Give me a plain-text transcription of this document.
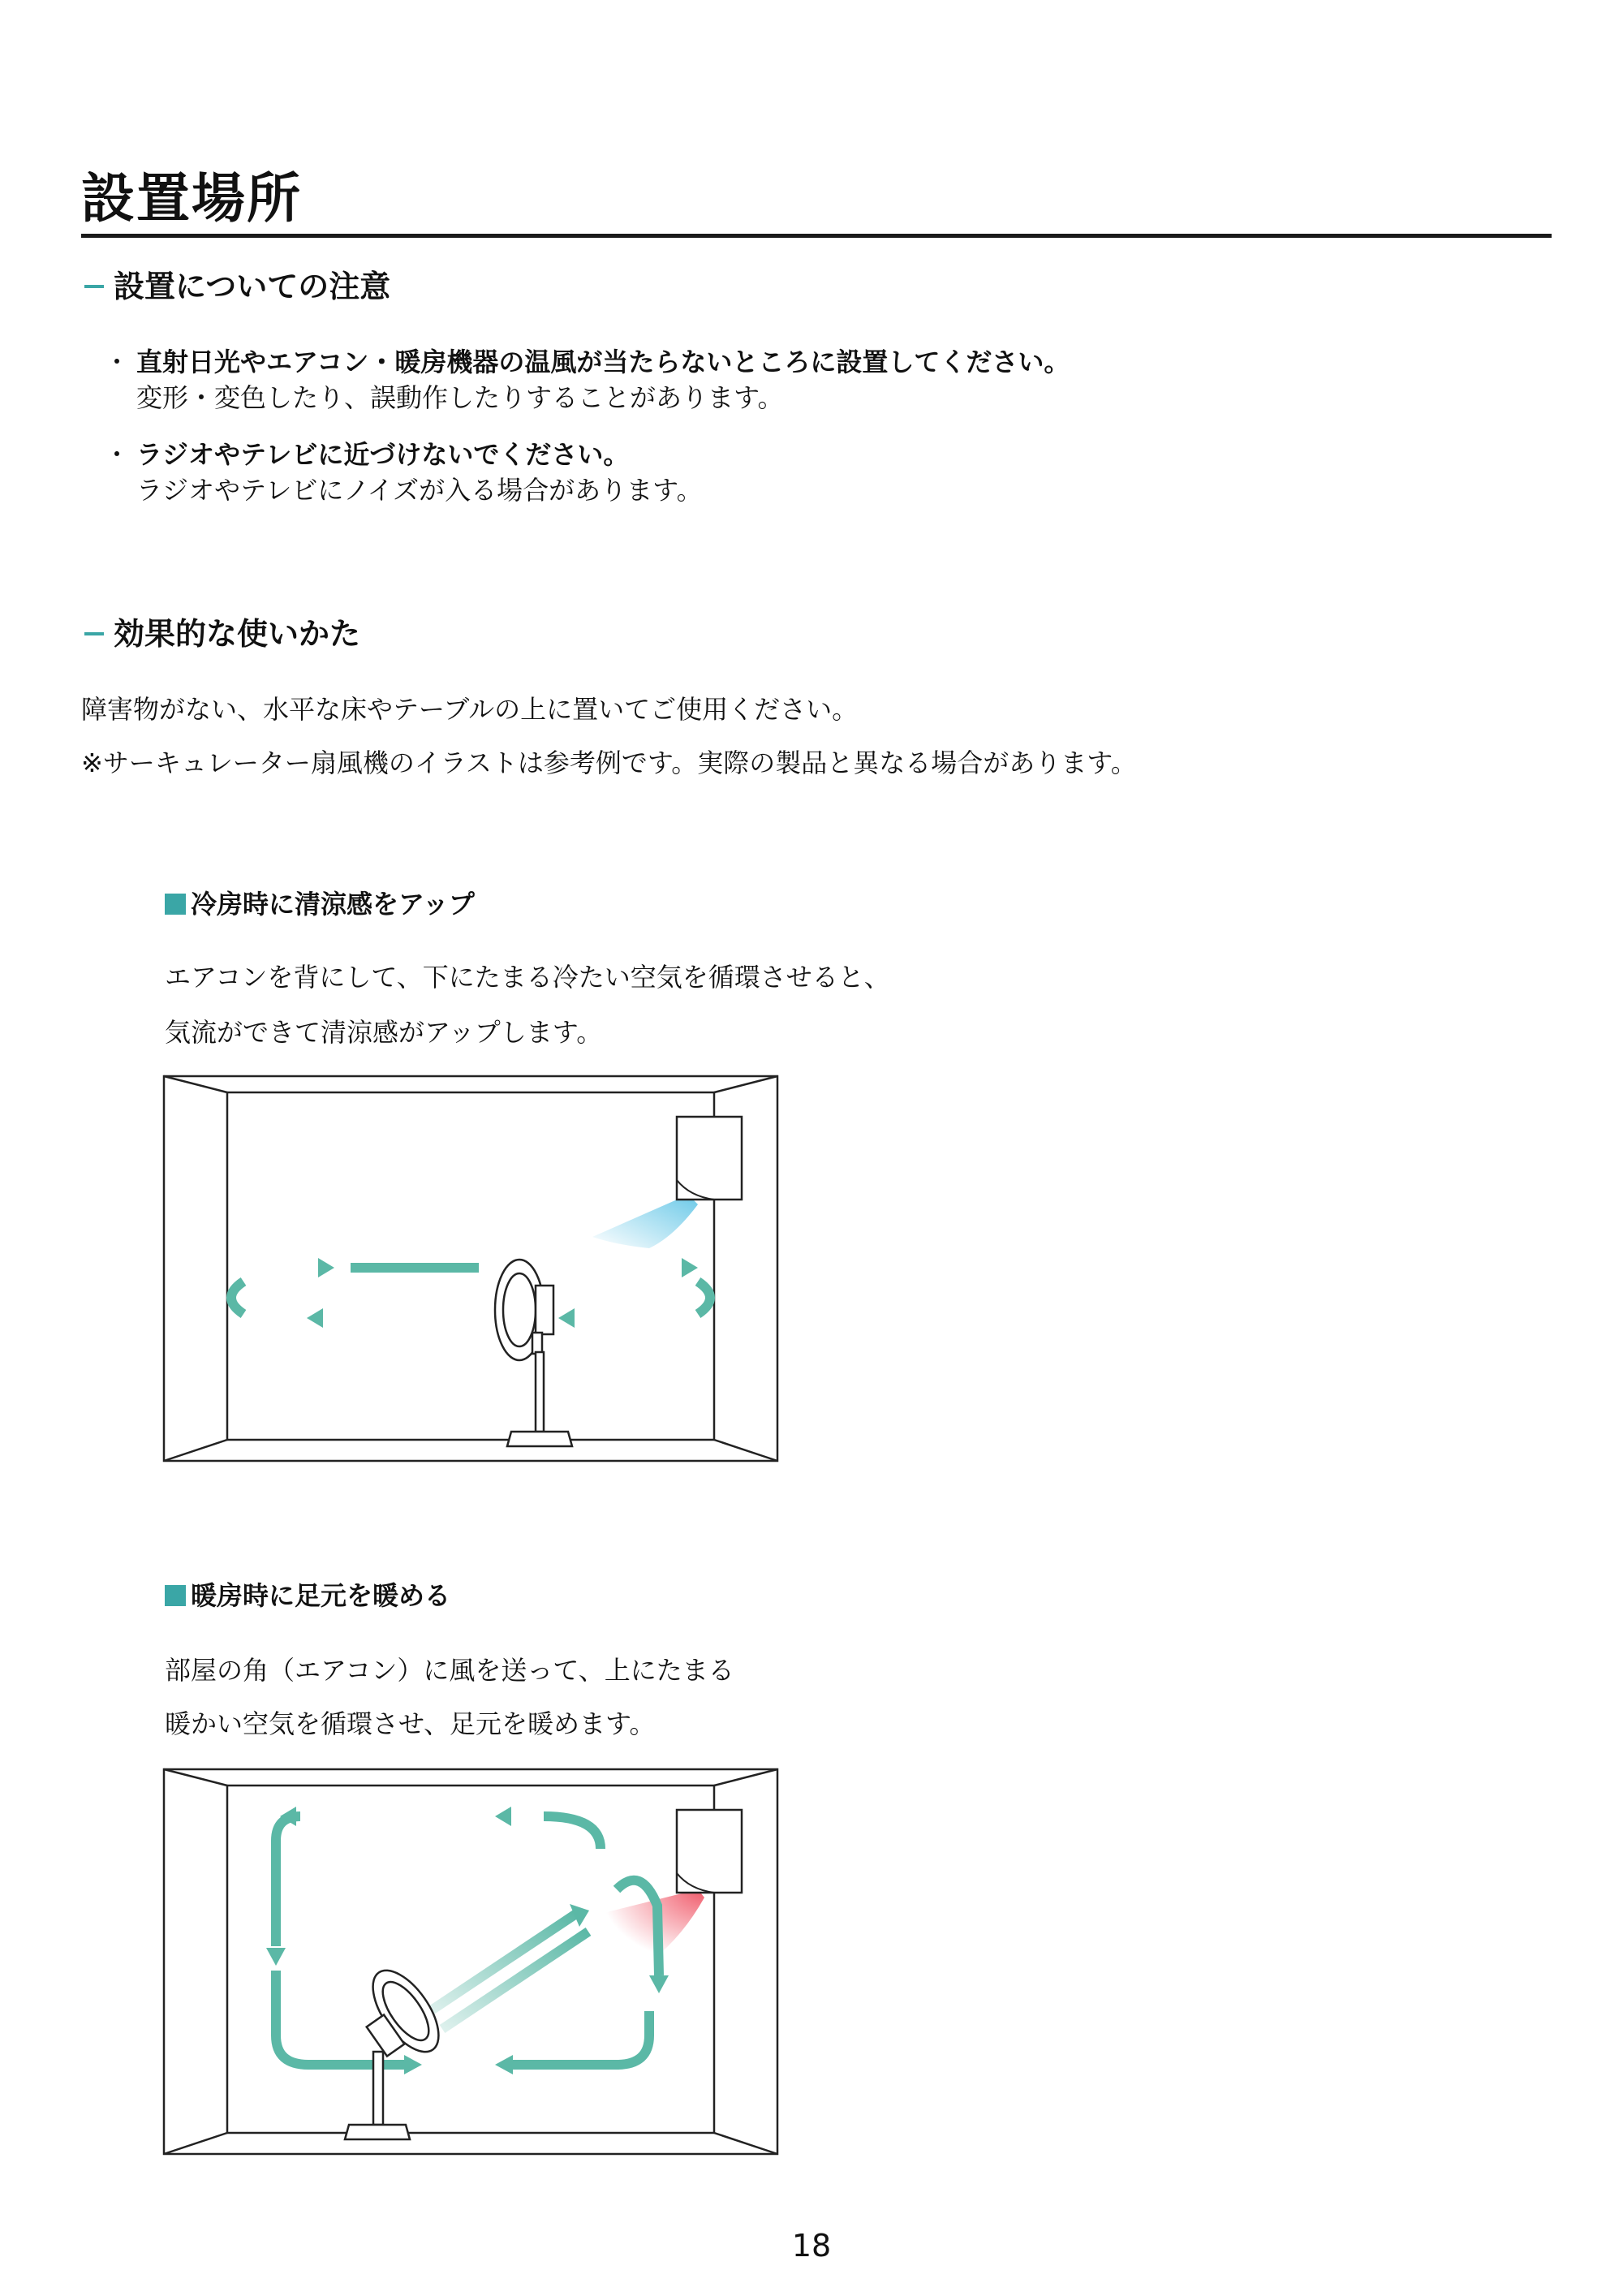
設置場所
設置についての注意
・ 直射日光やエアコン・暖房機器の温風が当たらないところに設置してください。
変形・変色したり、誤動作したりすることがあります。
・ ラジオやテレビに近づけないでください。
ラジオやテレビにノイズが入る場合があります。
効果的な使いかた
障害物がない、水平な床やテーブルの上に置いてご使用ください。
※サーキュレーター扇風機のイラストは参考例です。実際の製品と異なる場合があります。
冷房時に清涼感をアップ
エアコンを背にして、下にたまる冷たい空気を循環させると、
気流ができて清涼感がアップします。
暖房時に足元を暖める
部屋の角（エアコン）に風を送って、上にたまる
暖かい空気を循環させ、足元を暖めます。
18
